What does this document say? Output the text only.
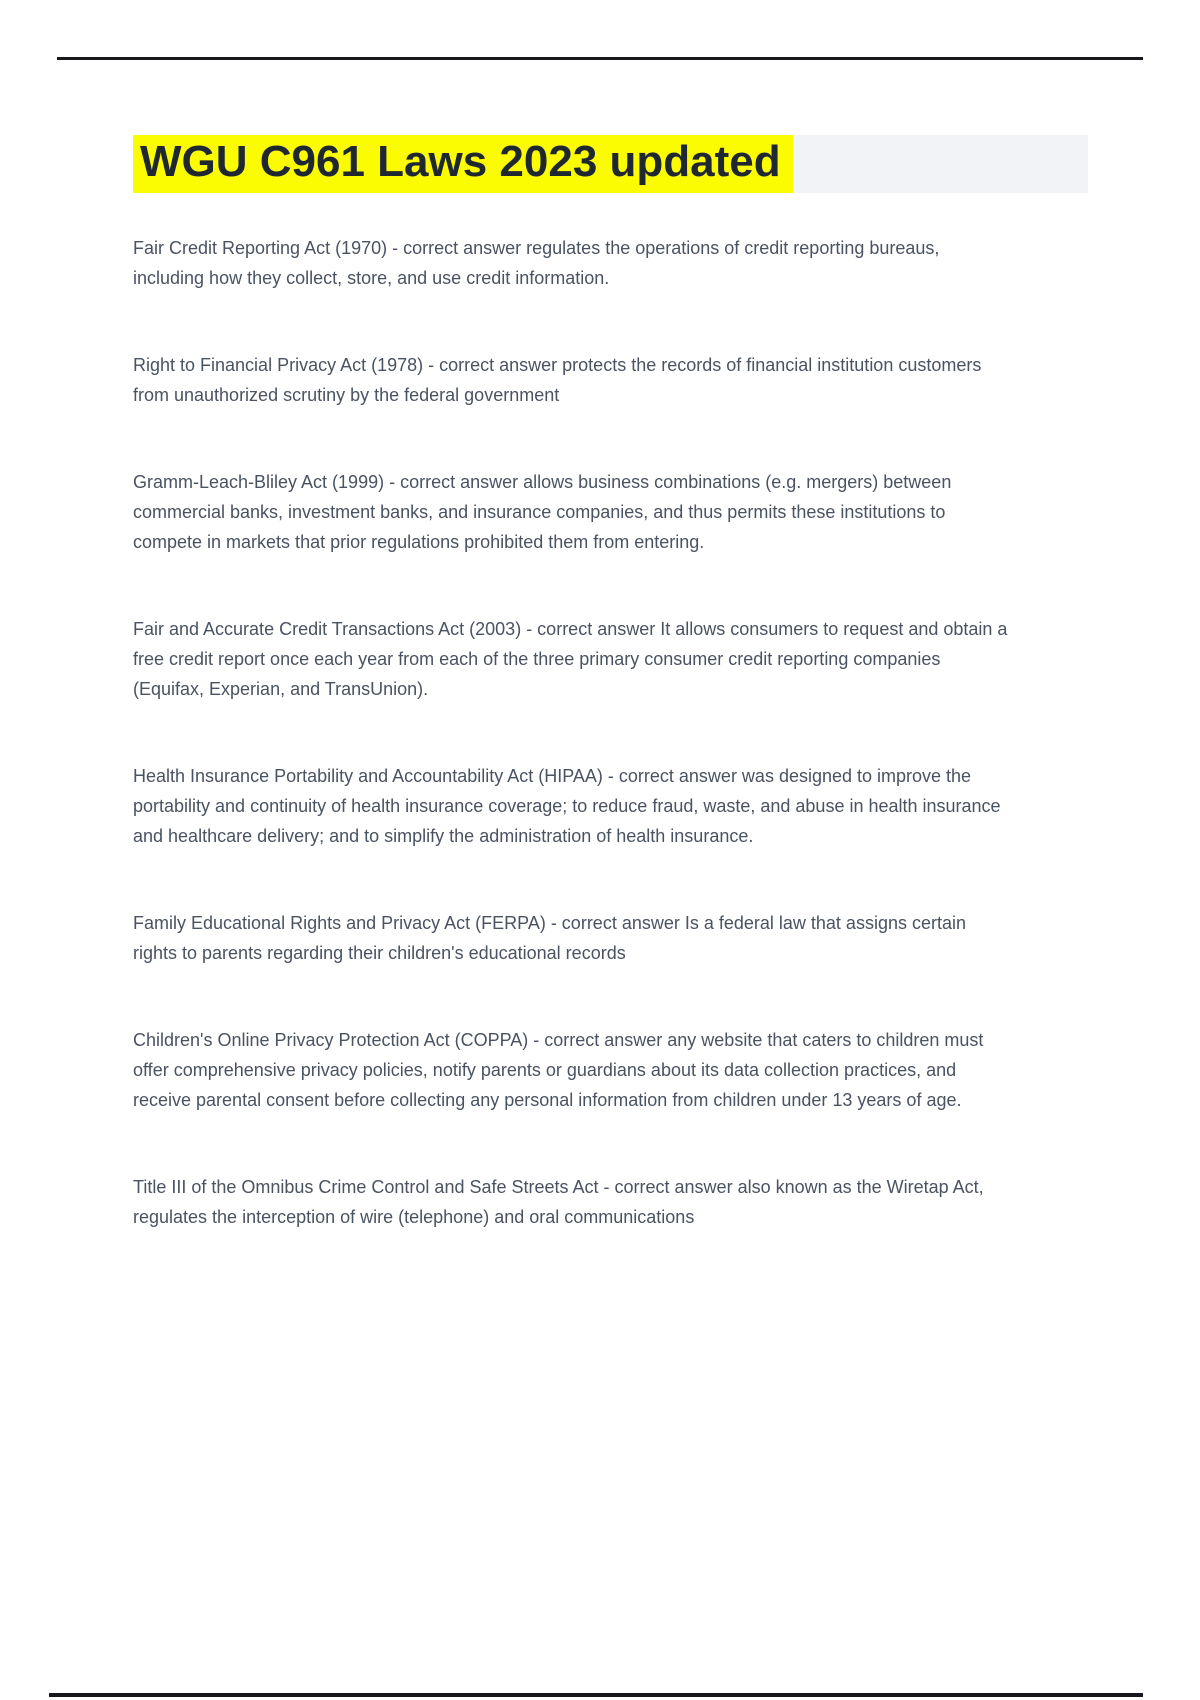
WGU C961 Laws 2023 updated

Fair Credit Reporting Act (1970) - correct answer regulates the operations of credit reporting bureaus, including how they collect, store, and use credit information.

Right to Financial Privacy Act (1978) - correct answer protects the records of financial institution customers from unauthorized scrutiny by the federal government

Gramm-Leach-Bliley Act (1999) - correct answer allows business combinations (e.g. mergers) between commercial banks, investment banks, and insurance companies, and thus permits these institutions to compete in markets that prior regulations prohibited them from entering.

Fair and Accurate Credit Transactions Act (2003) - correct answer It allows consumers to request and obtain a free credit report once each year from each of the three primary consumer credit reporting companies (Equifax, Experian, and TransUnion).

Health Insurance Portability and Accountability Act (HIPAA) - correct answer was designed to improve the portability and continuity of health insurance coverage; to reduce fraud, waste, and abuse in health insurance and healthcare delivery; and to simplify the administration of health insurance.

Family Educational Rights and Privacy Act (FERPA) - correct answer Is a federal law that assigns certain rights to parents regarding their children's educational records

Children's Online Privacy Protection Act (COPPA) - correct answer any website that caters to children must offer comprehensive privacy policies, notify parents or guardians about its data collection practices, and receive parental consent before collecting any personal information from children under 13 years of age.

Title III of the Omnibus Crime Control and Safe Streets Act - correct answer also known as the Wiretap Act, regulates the interception of wire (telephone) and oral communications
